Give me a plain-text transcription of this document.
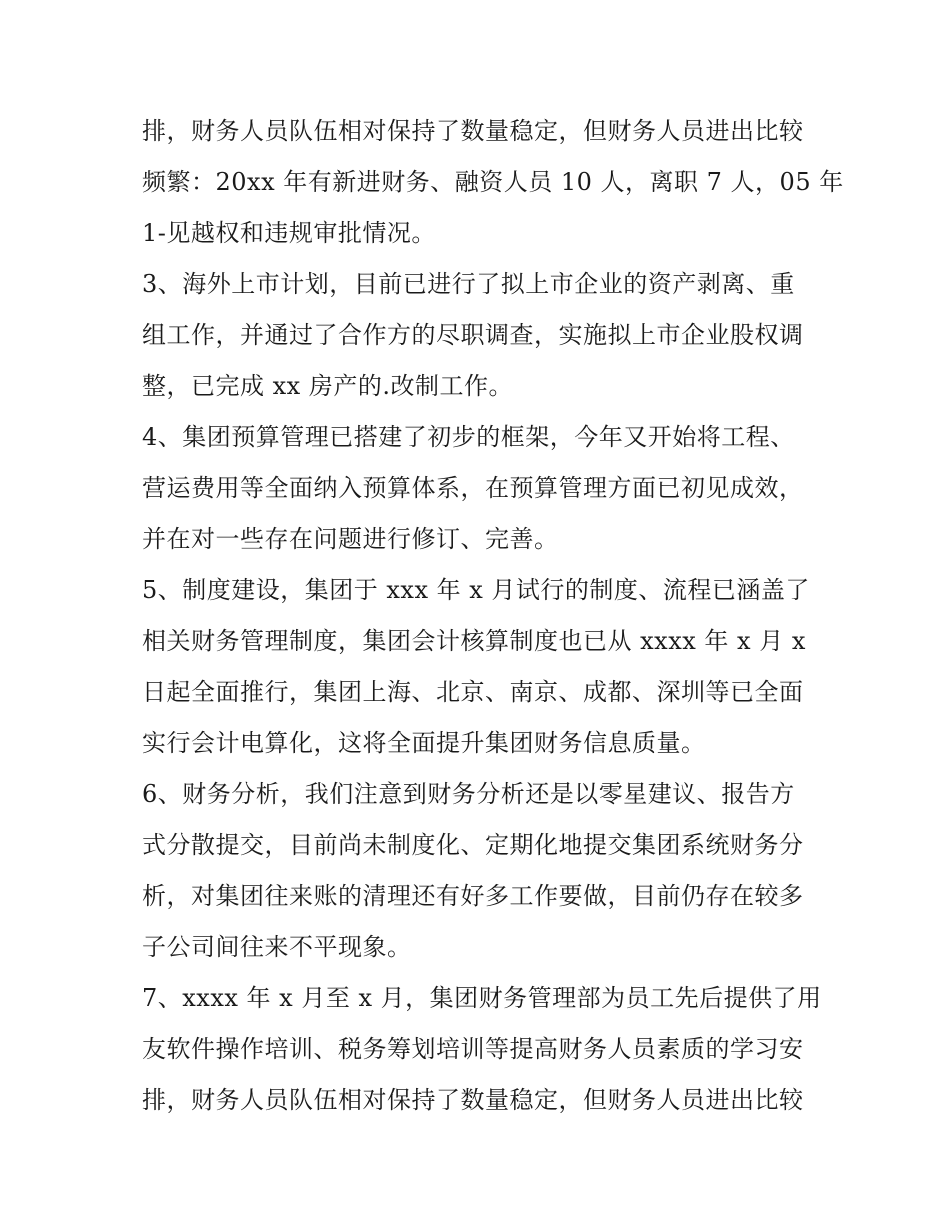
排，财务人员队伍相对保持了数量稳定，但财务人员进出比较
频繁：20xx 年有新进财务、融资人员 10 人，离职 7 人，05 年
1-见越权和违规审批情况。
3、海外上市计划，目前已进行了拟上市企业的资产剥离、重
组工作，并通过了合作方的尽职调查，实施拟上市企业股权调
整，已完成 xx 房产的.改制工作。
4、集团预算管理已搭建了初步的框架，今年又开始将工程、
营运费用等全面纳入预算体系，在预算管理方面已初见成效，
并在对一些存在问题进行修订、完善。
5、制度建设，集团于 xxx 年 x 月试行的制度、流程已涵盖了
相关财务管理制度，集团会计核算制度也已从 xxxx 年 x 月 x
日起全面推行，集团上海、北京、南京、成都、深圳等已全面
实行会计电算化，这将全面提升集团财务信息质量。
6、财务分析，我们注意到财务分析还是以零星建议、报告方
式分散提交，目前尚未制度化、定期化地提交集团系统财务分
析，对集团往来账的清理还有好多工作要做，目前仍存在较多
子公司间往来不平现象。
7、xxxx 年 x 月至 x 月，集团财务管理部为员工先后提供了用
友软件操作培训、税务筹划培训等提高财务人员素质的学习安
排，财务人员队伍相对保持了数量稳定，但财务人员进出比较
